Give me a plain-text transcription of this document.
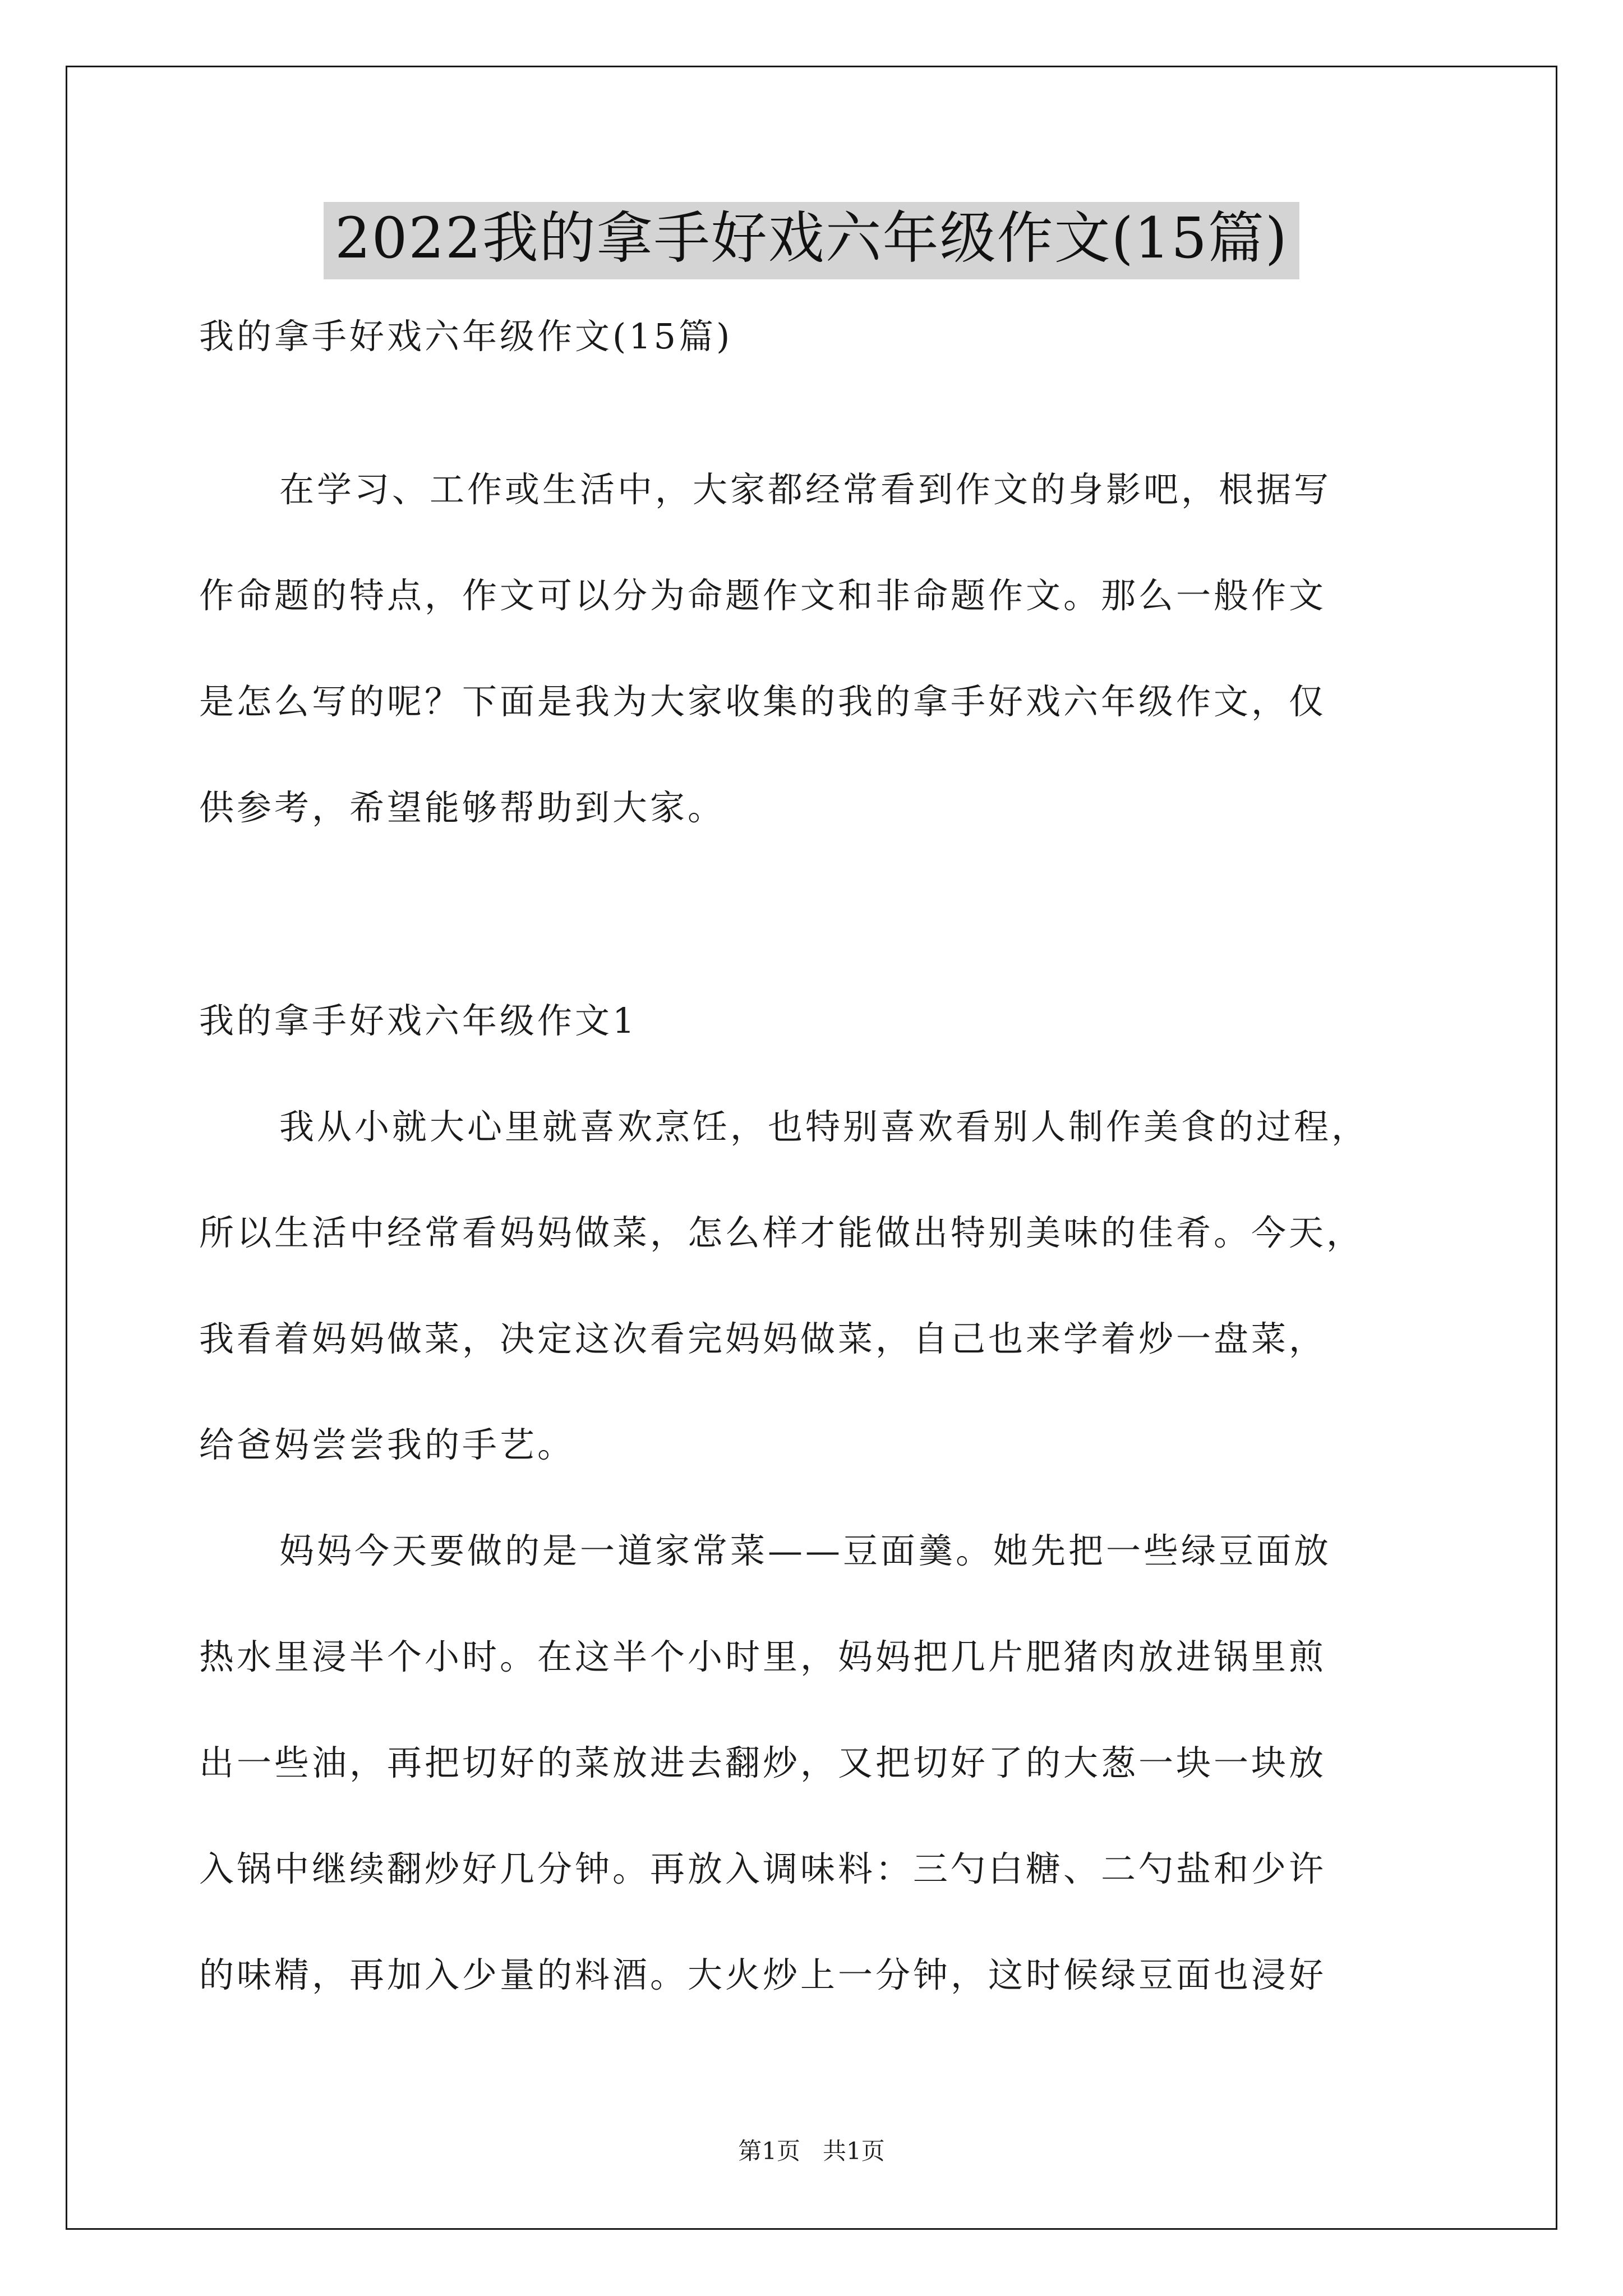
2022我的拿手好戏六年级作文(15篇)
我的拿手好戏六年级作文(15篇)
在学习、工作或生活中，大家都经常看到作文的身影吧，根据写
作命题的特点，作文可以分为命题作文和非命题作文。那么一般作文
是怎么写的呢？下面是我为大家收集的我的拿手好戏六年级作文，仅
供参考，希望能够帮助到大家。
我的拿手好戏六年级作文1
我从小就大心里就喜欢烹饪，也特别喜欢看别人制作美食的过程，
所以生活中经常看妈妈做菜，怎么样才能做出特别美味的佳肴。今天，
我看着妈妈做菜，决定这次看完妈妈做菜，自己也来学着炒一盘菜，
给爸妈尝尝我的手艺。
妈妈今天要做的是一道家常菜——豆面羹。她先把一些绿豆面放
热水里浸半个小时。在这半个小时里，妈妈把几片肥猪肉放进锅里煎
出一些油，再把切好的菜放进去翻炒，又把切好了的大葱一块一块放
入锅中继续翻炒好几分钟。再放入调味料：三勺白糖、二勺盐和少许
的味精，再加入少量的料酒。大火炒上一分钟，这时候绿豆面也浸好
第1页   共1页
